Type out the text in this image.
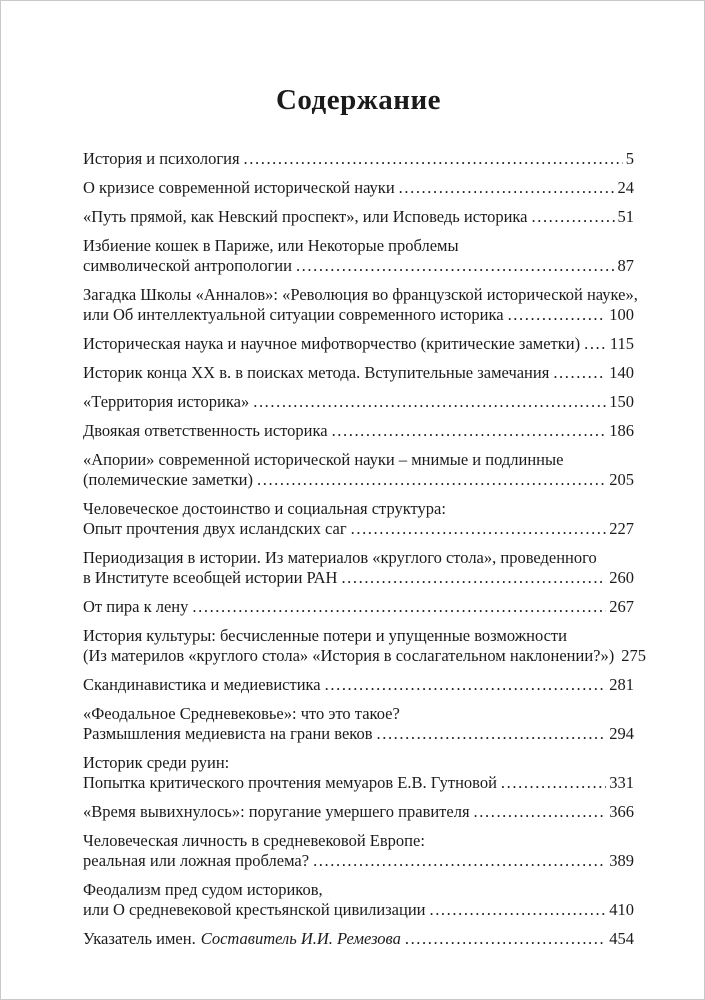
Содержание
История и психология .....	5
О кризисе современной исторической науки .....	24
«Путь прямой, как Невский проспект», или Исповедь историка .....	51
Избиение кошек в Париже, или Некоторые проблемы
символической антропологии .....	87
Загадка Школы «Анналов»: «Революция во французской исторической науке»,
или Об интеллектуальной ситуации современного историка .....	100
Историческая наука и научное мифотворчество (критические заметки) ..... 115
Историк конца XX в. в поисках метода. Вступительные замечания .....	140
«Территория историка» .....	150
Двоякая ответственность историка .....	186
«Апории» современной исторической науки – мнимые и подлинные
(полемические заметки) .....	205
Человеческое достоинство и социальная структура:
Опыт прочтения двух исландских саг .....	227
Периодизация в истории. Из материалов «круглого стола», проведенного
в Институте всеобщей истории РАН .....	260
От пира к лену .....	267
История культуры: бесчисленные потери и упущенные возможности
(Из материлов «круглого стола» «История в сослагательном наклонении?») 275
Скандинавистика и медиевистика .....	281
«Феодальное Средневековье»: что это такое?
Размышления медиевиста на грани веков .....	294
Историк среди руин:
Попытка критического прочтения мемуаров Е.В. Гутновой .....	331
«Время вывихнулось»: поругание умершего правителя .....	366
Человеческая личность в средневековой Европе:
реальная или ложная проблема? .....	389
Феодализм пред судом историков,
или О средневековой крестьянской цивилизации .....	410
Указатель имен. Составитель И.И. Ремезова .....	454
